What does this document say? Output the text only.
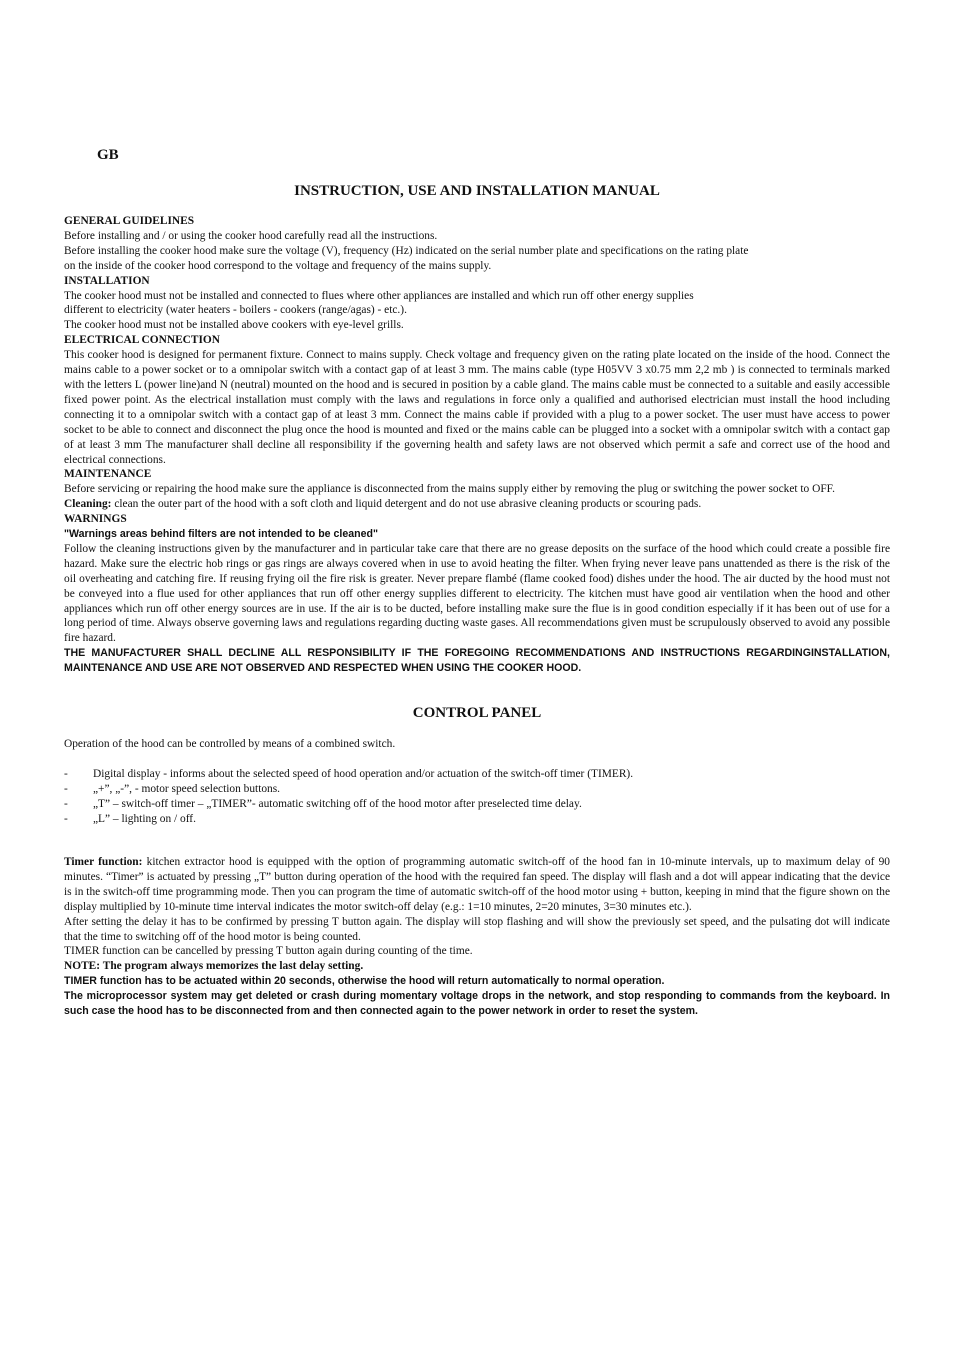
GB
INSTRUCTION, USE AND INSTALLATION MANUAL

GENERAL GUIDELINES

Before installing and / or using the cooker hood carefully read all the instructions.

Before installing the cooker hood make sure the voltage (V), frequency (Hz) indicated on the serial number plate and specifications on the rating plate

on the inside of the cooker hood correspond to the voltage and frequency of the mains supply.

INSTALLATION

The cooker hood must not be installed and connected to flues where other appliances are installed and which run off other energy supplies

different to electricity (water heaters - boilers - cookers (range/agas) - etc.).

The cooker hood must not be installed above cookers with eye-level grills.

ELECTRICAL CONNECTION

This cooker hood is designed for permanent fixture. Connect to mains supply. Check voltage and frequency given on the rating plate located on the inside of the hood. Connect the mains cable to a power socket or to a omnipolar switch with a contact gap of at least 3 mm. The mains cable (type H05VV 3 x0.75 mm 2,2 mb ) is connected to terminals marked with the letters L (power line)and N (neutral) mounted on the hood and is secured in position by a cable gland. The mains cable must be connected to a suitable and easily accessible fixed power point. As the electrical installation must comply with the laws and regulations in force only a qualified and authorised electrician must install the hood including connecting it to a omnipolar switch with a contact gap of at least 3 mm. Connect the mains cable if provided with a plug to a power socket. The user must have access to power socket to be able to connect and disconnect the plug once the hood is mounted and fixed or the mains cable can be plugged into a socket with a omnipolar switch with a contact gap of at least 3 mm The manufacturer shall decline all responsibility if the governing health and safety laws are not observed which permit a safe and correct use of the hood and electrical connections.

MAINTENANCE

Before servicing or repairing the hood make sure the appliance is disconnected from the mains supply either by removing the plug or switching the power socket to OFF.

Cleaning: clean the outer part of the hood with a soft cloth and liquid detergent and do not use abrasive cleaning products or scouring pads.

WARNINGS

"Warnings areas behind filters are not intended to be cleaned"

Follow the cleaning instructions given by the manufacturer and in particular take care that there are no grease deposits on the surface of the hood which could create a possible fire hazard. Make sure the electric hob rings or gas rings are always covered when in use to avoid heating the filter. When frying never leave pans unattended as there is the risk of the oil overheating and catching fire. If reusing frying oil the fire risk is greater. Never prepare flambé (flame cooked food) dishes under the hood. The air ducted by the hood must not be conveyed into a flue used for other appliances that run off other energy supplies different to electricity. The kitchen must have good air ventilation when the hood and other appliances which run off other energy sources are in use. If the air is to be ducted, before installing make sure the flue is in good condition especially if it has been out of use for a long period of time. Always observe governing laws and regulations regarding ducting waste gases. All recommendations given must be scrupulously observed to avoid any possible fire hazard.

THE MANUFACTURER SHALL DECLINE ALL RESPONSIBILITY IF THE FOREGOING RECOMMENDATIONS AND INSTRUCTIONS REGARDINGINSTALLATION, MAINTENANCE AND USE ARE NOT OBSERVED AND RESPECTED WHEN USING THE COOKER HOOD.

CONTROL PANEL

Operation of the hood can be controlled by means of a combined switch.

- Digital display - informs about the selected speed of hood operation and/or actuation of the switch-off timer (TIMER).
- „+”, „-”, - motor speed selection buttons.
- „T” – switch-off timer – „TIMER”- automatic switching off of the hood motor after preselected time delay.
- „L” – lighting on / off.

Timer function: kitchen extractor hood is equipped with the option of programming automatic switch-off of the hood fan in 10-minute intervals, up to maximum delay of 90 minutes. “Timer” is actuated by pressing „T” button during operation of the hood with the required fan speed. The display will flash and a dot will appear indicating that the device is in the switch-off time programming mode. Then you can program the time of automatic switch-off of the hood motor using + button, keeping in mind that the figure shown on the display multiplied by 10-minute time interval indicates the motor switch-off delay (e.g.: 1=10 minutes, 2=20 minutes, 3=30 minutes etc.).

After setting the delay it has to be confirmed by pressing T button again. The display will stop flashing and will show the previously set speed, and the pulsating dot will indicate that the time to switching off of the hood motor is being counted.

TIMER function can be cancelled by pressing T button again during counting of the time.

NOTE: The program always memorizes the last delay setting.

TIMER function has to be actuated within 20 seconds, otherwise the hood will return automatically to normal operation.

The microprocessor system may get deleted or crash during momentary voltage drops in the network, and stop responding to commands from the keyboard. In such case the hood has to be disconnected from and then connected again to the power network in order to reset the system.
